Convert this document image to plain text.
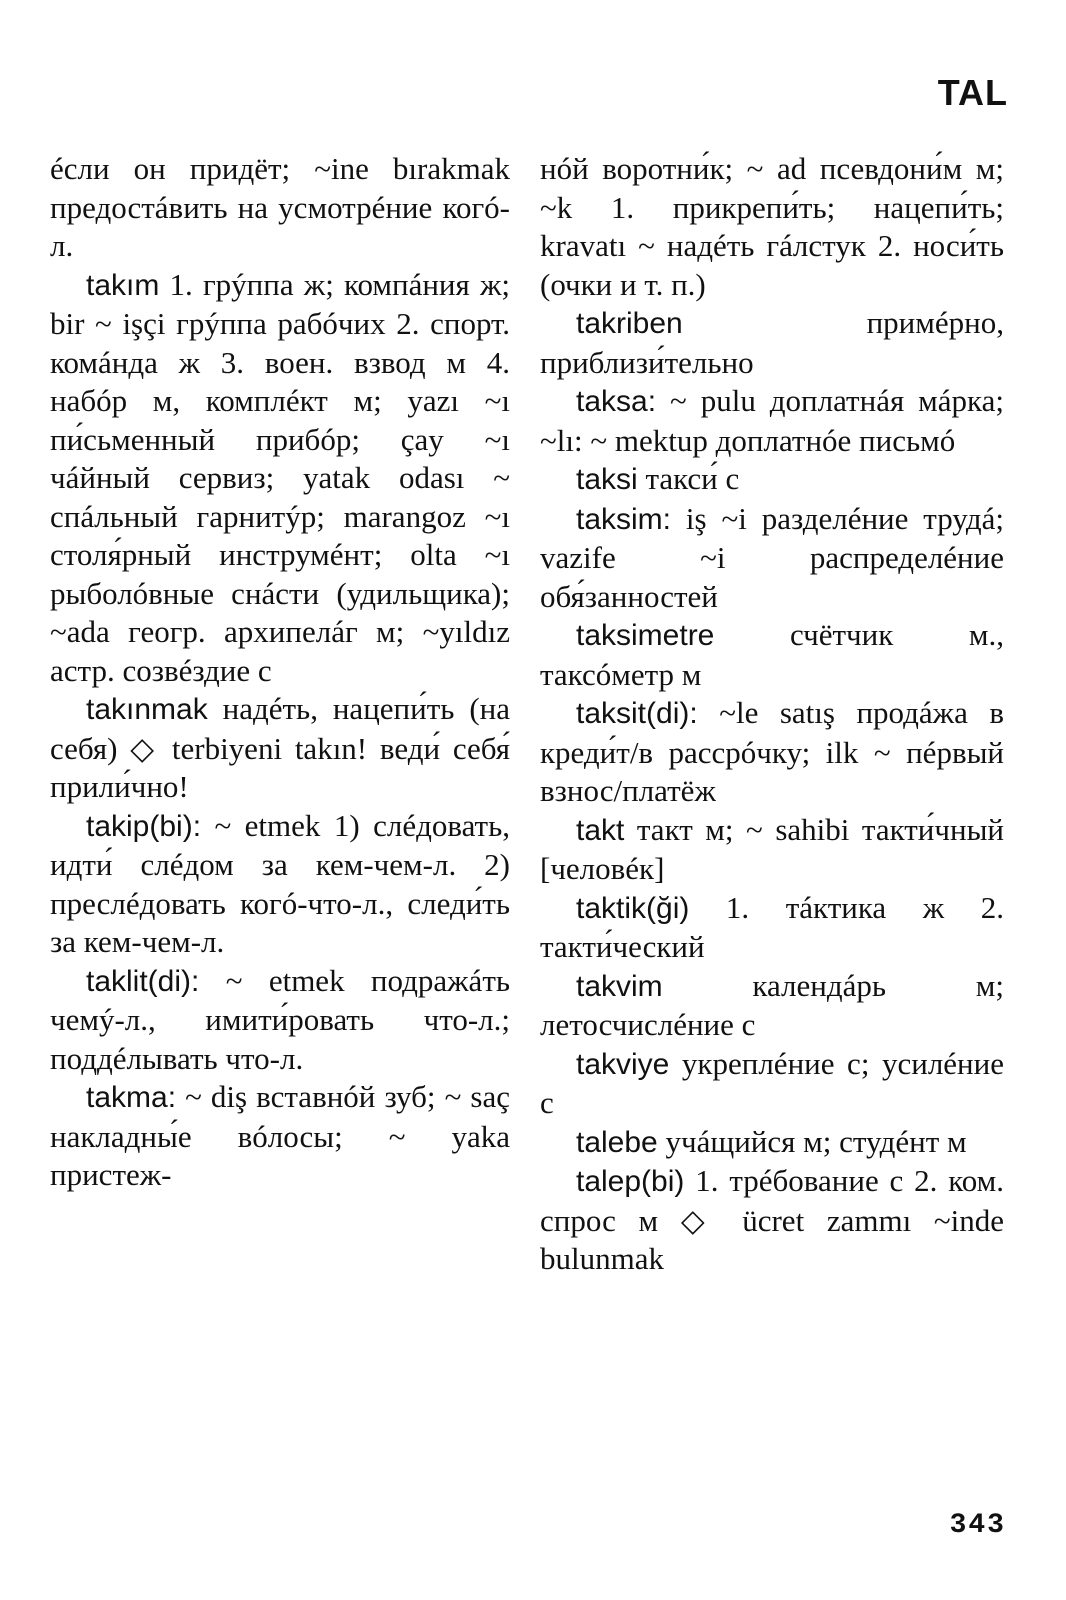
TAL

éсли он придёт; ~ine bırakmak предостáвить на усмотрéние когó-л.

takım 1. грýппа ж; компáния ж; bir ~ işçi грýппа рабóчих 2. спорт. комáнда ж 3. воен. взвод м 4. набóр м, комплéкт м; yazı ~ı пи́сьменный прибóр; çay ~ı чáйный сервиз; yatak odası ~ спáльный гарнитýр; marangoz ~ı столя́рный инструмéнт; olta ~ı рыболóвные снáсти (удильщика); ~ada геогр. архипелáг м; ~yıldız астр. созвéздие с

takınmak надéть, нацепи́ть (на себя) ◇ terbiyeni takın! веди́ себя́ прили́чно!

takip(bi): ~ etmek 1) слéдовать, идти́ слéдом за кем-чем-л. 2) преслéдовать когó-что-л., следи́ть за кем-чем-л.

taklit(di): ~ etmek подражáть чемý-л., имити́ровать что-л.; поддéлывать что-л.

takma: ~ diş вставнóй зуб; ~ saç накладны́е вóлосы; ~ yaka пристеж-

нóй воротни́к; ~ ad псевдони́м м; ~k 1. прикрепи́ть; нацепи́ть; kravatı ~ надéть гáлстук 2. носи́ть (очки и т. п.)

takriben примéрно, приблизи́тельно

taksa: ~ pulu доплатнáя мáрка; ~lı: ~ mektup доплатнóе письмó

taksi такси́ с

taksim: iş ~i разделéние трудá; vazife ~i распределéние обя́занностей

taksimetre счётчик м., таксóметр м

taksit(di): ~le satış продáжа в креди́т/в рассрóчку; ilk ~ пéрвый взнос/платёж

takt такт м; ~ sahibi такти́чный [человéк]

taktik(ği) 1. тáктика ж 2. такти́ческий

takvim календáрь м; летосчислéние с

takviye укреплéние с; усилéние с

talebe учáщийся м; студéнт м

talep(bi) 1. трéбование с 2. ком. спрос м ◇ ücret zammı ~inde bulunmak

343
